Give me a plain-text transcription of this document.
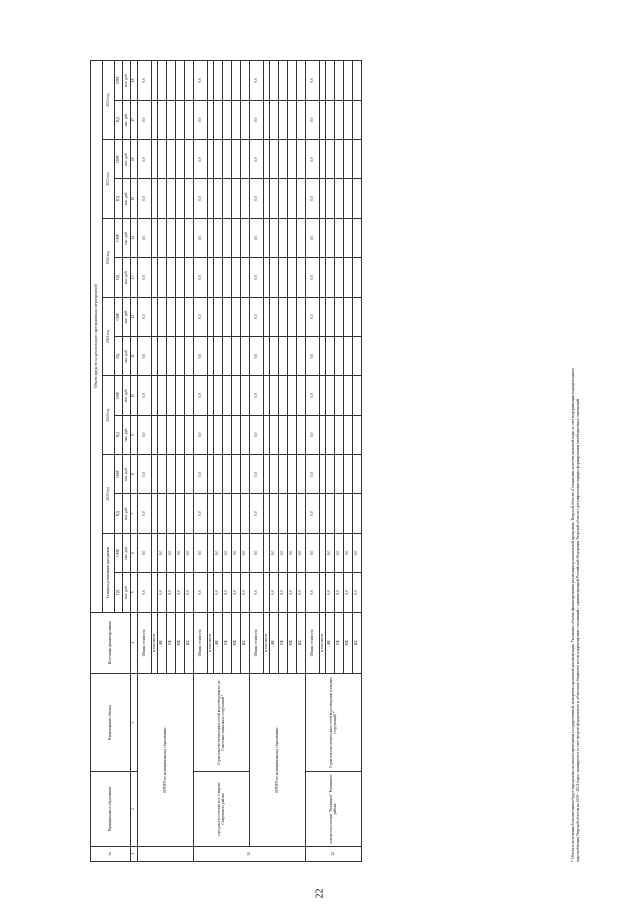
22
№	Муниципальное образование	Наименование объекта	Источники финансирования	Объем средств на реализацию программных мероприятий													
				За период реализации программы		2019 год		2020 год		2021 год		2022 год		2023 год		2024 год	
				ПД	СМР	ПД	СМР	ПД	СМР	ПД	СМР	ПД	СМР	ПД	СМР	ПД	СМР
				тыс. руб.	тыс. руб.	тыс. руб.	тыс. руб.	тыс. руб.	тыс. руб.	тыс. руб.	тыс. руб.	тыс. руб.	тыс. руб.	тыс. руб.	тыс. руб.	тыс. руб.	тыс. руб.
1	2	3	4	5	6	7	8	9	10	11	12	13	14	15	16	17	18
	ИТОГО по муниципальному образованию:		Общая стоимость	0,0	0,0	0,0	0,0	0,0	0,0	0,0	0,0	0,0	0,0	0,0	0,0	0,0	0,0
			в том числе														
			ФБ	0,0	0,0												
			ОБ	0,0	0,0												
			МБ	0,0	0,0												
			ВБ	0,0	0,0												
11	городское поселение пос. Спирово Спировского района	Строительство пешеходных сетей водоотведения по ул. Советская, планочных сооружений *	Общая стоимость	0,0	0,0	0,0	0,0	0,0	0,0	0,0	0,0	0,0	0,0	0,0	0,0	0,0	0,0
			в том числе														
			ФБ	0,0	0,0												
			ОБ	0,0	0,0												
			МБ	0,0	0,0												
			ВБ	0,0	0,0												
	ИТОГО по муниципальному образованию:		Общая стоимость	0,0	0,0	0,0	0,0	0,0	0,0	0,0	0,0	0,0	0,0	0,0	0,0	0,0	0,0
			в том числе														
			ФБ	0,0	0,0												
			ОБ	0,0	0,0												
			МБ	0,0	0,0												
			ВБ	0,0	0,0												
12	сельское поселение "Ружинское" Ружинского района	Строительство пешеходных сетей водоотведения (сельских сооружений) *	Общая стоимость	0,0	0,0	0,0	0,0	0,0	0,0	0,0	0,0	0,0	0,0	0,0	0,0	0,0	0,0
			в том числе														
			ФБ	0,0	0,0												
			ОБ	0,0	0,0												
			МБ	0,0	0,0												
			ВБ	0,0	0,0													* Объект в получении Безвозмездным будут определены по итогам проведения государственной экспертизы проектной документации. Указанные объемы финансирования реализации региональной программы Тверской области «Повышение качества питьевой воды за счет модернизации водопроводного водоснабжения Тверской области на 2019 - 2024 годы» планируется за счет средств федерального и областного бюджетов после корректировки соглашений с администрацией Российской Федерации Тверской области о регулировании порядка формирования межбюджетных отношений
